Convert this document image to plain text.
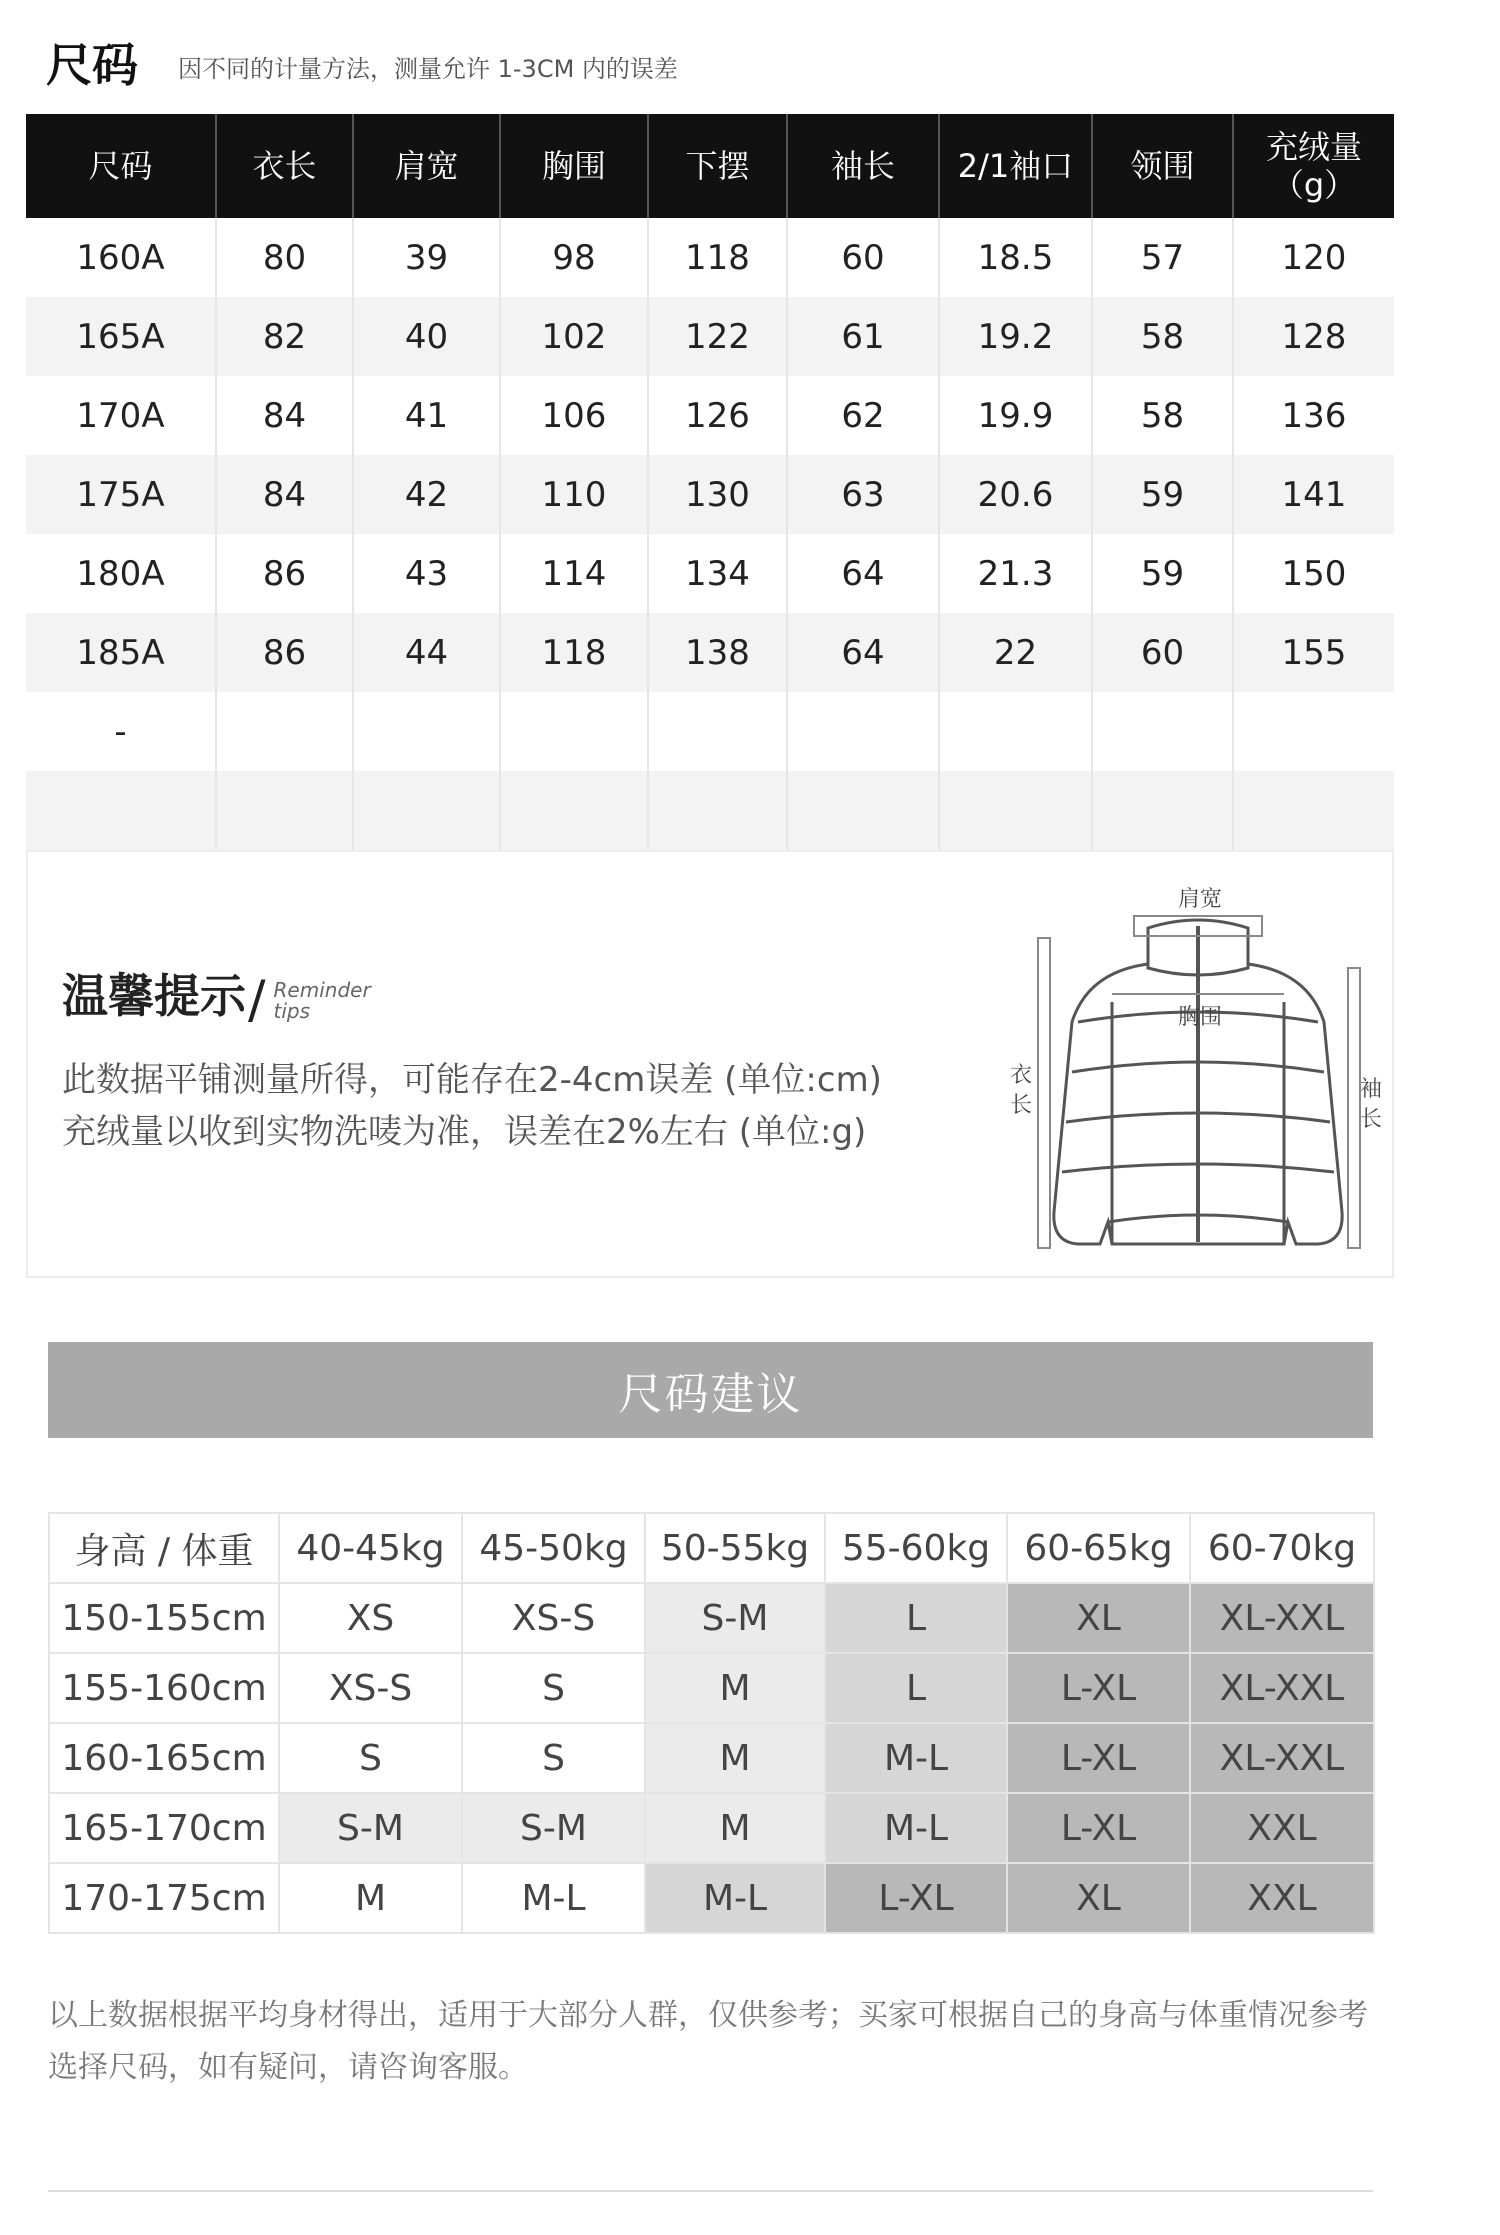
尺码 因不同的计量方法，测量允许 1-3CM 内的误差
尺码	衣长	肩宽	胸围	下摆	袖长	2/1袖口	领围	充绒量
（g）
160A	80	39	98	118	60	18.5	57	120
165A	82	40	102	122	61	19.2	58	128
170A	84	41	106	126	62	19.9	58	136
175A	84	42	110	130	63	20.6	59	141
180A	86	43	114	134	64	21.3	59	150
185A	86	44	118	138	64	22	60	155
-								

温馨提示 / Reminder
tips
此数据平铺测量所得，可能存在2-4cm误差 (单位:cm)
充绒量以收到实物洗唛为准，误差在2%左右 (单位:g)
肩宽
胸围
衣
长
袖
长
尺码建议
身高 / 体重	40-45kg	45-50kg	50-55kg	55-60kg	60-65kg	60-70kg
150-155cm	XS	XS-S	S-M	L	XL	XL-XXL
155-160cm	XS-S	S	M	L	L-XL	XL-XXL
160-165cm	S	S	M	M-L	L-XL	XL-XXL
165-170cm	S-M	S-M	M	M-L	L-XL	XXL
170-175cm	M	M-L	M-L	L-XL	XL	XXL
以上数据根据平均身材得出，适用于大部分人群，仅供参考；买家可根据自己的身高与体重情况参考选择尺码，如有疑问，请咨询客服。
